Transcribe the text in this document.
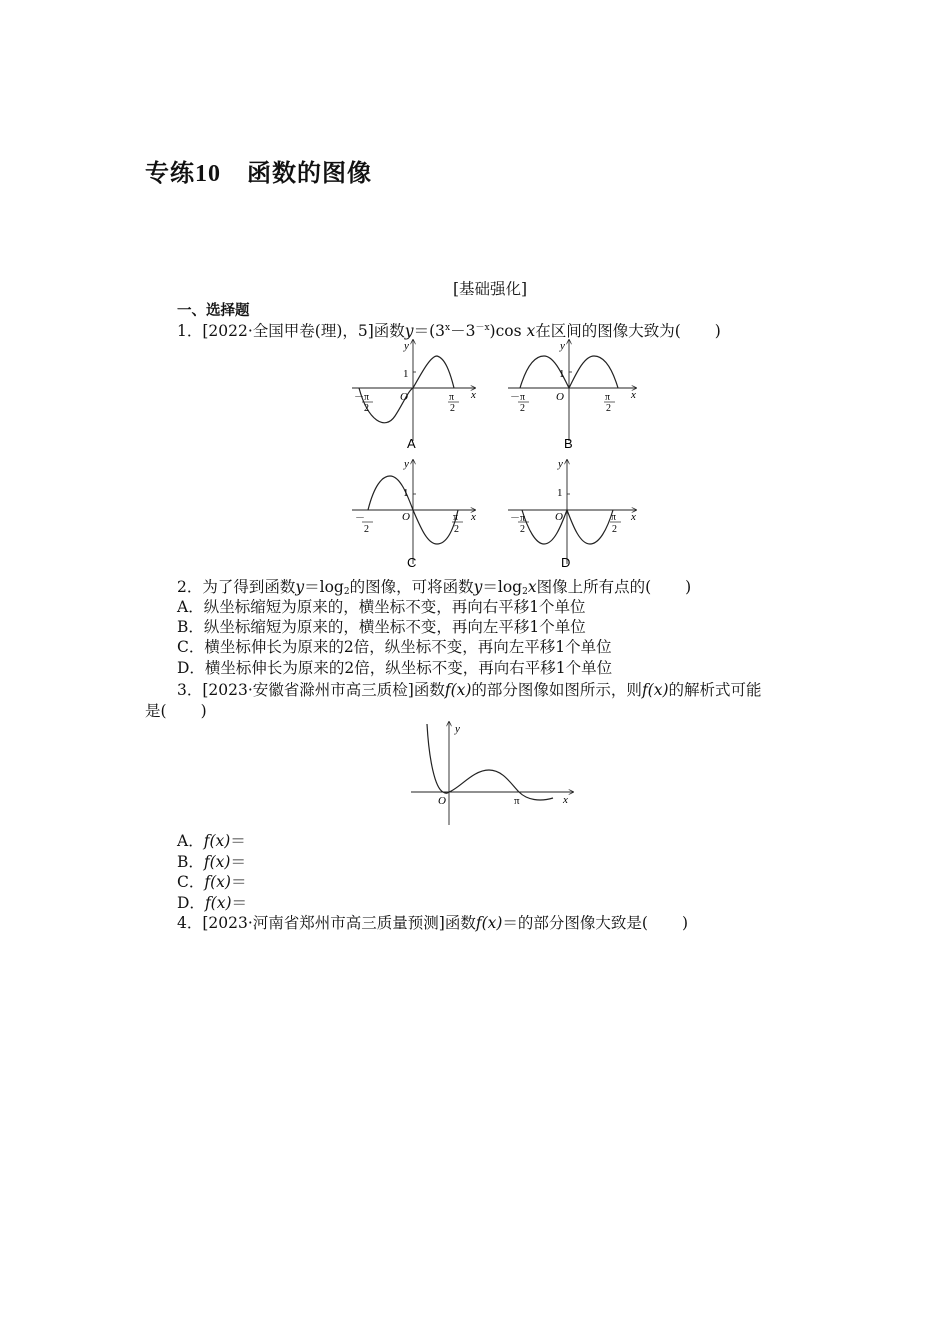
专练10 函数的图像
[基础强化]
一、选择题
1．[2022·全国甲卷(理)，5]函数$y=(3^x-3^{-x})\cos$ x在区间的图像大致为( )
1
y
x
O
－π
2
π
2
A
1
y
x
O
－π
2
π
2
B
1
y
x
O
－
2
π
2
C
1
y
x
O
－π
2
π
2
D
2．为了得到函数$y=\log_2$的图像，可将函数$y=\log_2x$图像上所有点的( )
A．纵坐标缩短为原来的，横坐标不变，再向右平移1个单位
B．纵坐标缩短为原来的，横坐标不变，再向左平移1个单位
C．横坐标伸长为原来的2倍，纵坐标不变，再向左平移1个单位
D．横坐标伸长为原来的2倍，纵坐标不变，再向右平移1个单位
3．[2023·安徽省滁州市高三质检]函数f(x)的部分图像如图所示，则f(x)的解析式可能
是( )
y
x
O	π
A．f(x)＝
B．f(x)＝
C．f(x)＝
D．f(x)＝
4．[2023·河南省郑州市高三质量预测]函数f(x)＝的部分图像大致是( )
